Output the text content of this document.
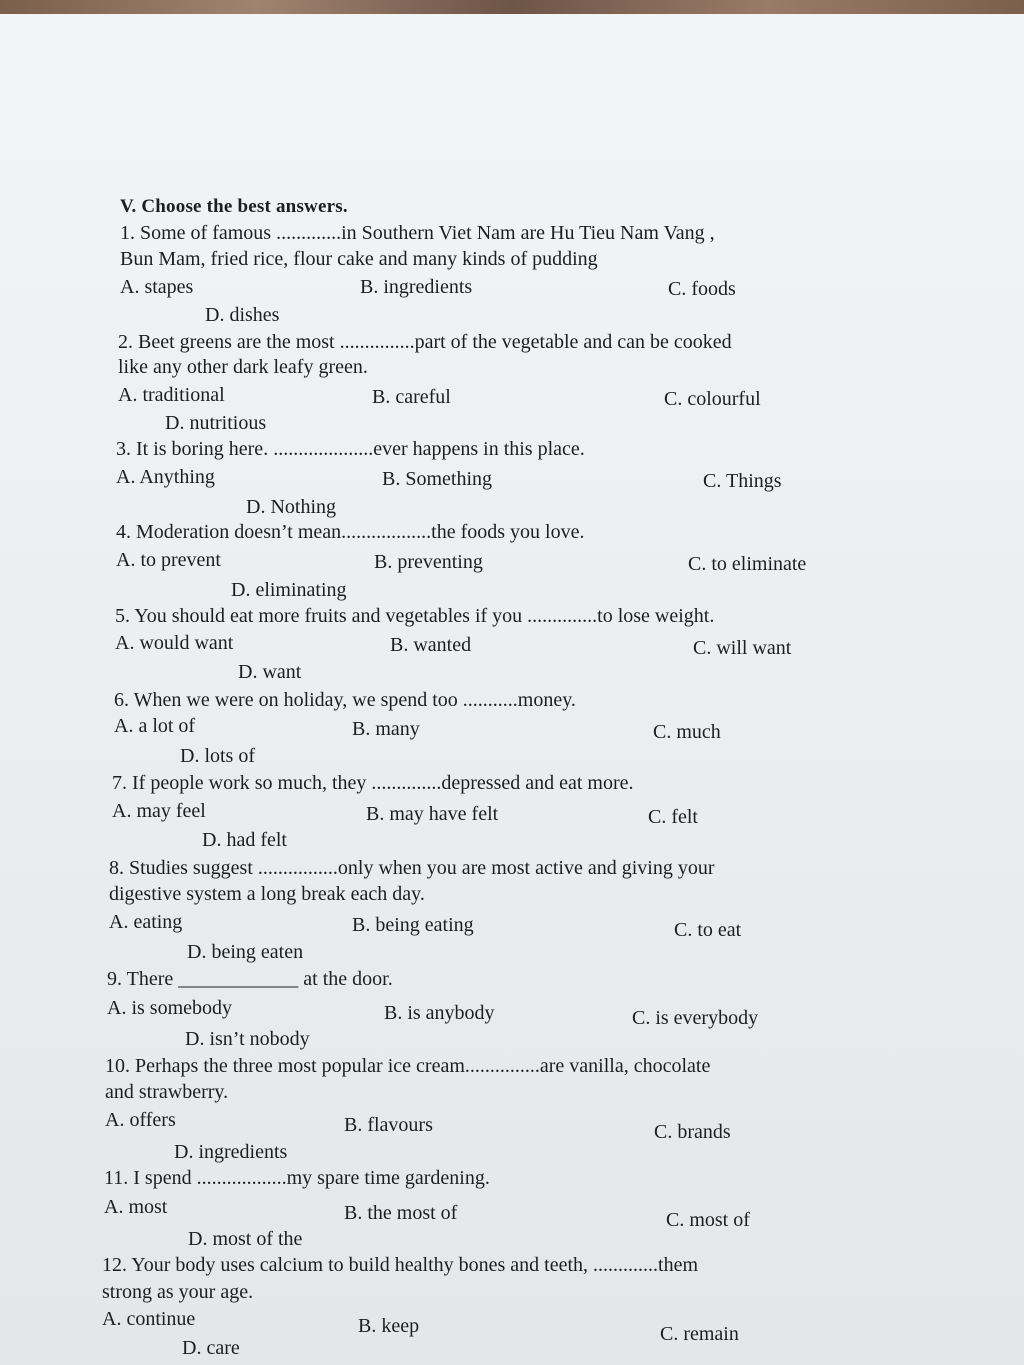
V. Choose the best answers.
1. Some of famous .............in Southern Viet Nam are Hu Tieu Nam Vang ,
Bun Mam, fried rice, flour cake and many kinds of pudding
A. stapes	B. ingredients	C. foods
D. dishes
2. Beet greens are the most ...............part of the vegetable and can be cooked
like any other dark leafy green.
A. traditional	B. careful	C. colourful
D. nutritious
3. It is boring here. ....................ever happens in this place.
A. Anything	B. Something	C. Things
D. Nothing
4. Moderation doesn’t mean..................the foods you love.
A. to prevent	B. preventing	C. to eliminate
D. eliminating
5. You should eat more fruits and vegetables if you ..............to lose weight.
A. would want	B. wanted	C. will want
D. want
6. When we were on holiday, we spend too ...........money.
A. a lot of	B. many	C. much
D. lots of
7. If people work so much, they ..............depressed and eat more.
A. may feel	B. may have felt	C. felt
D. had felt
8. Studies suggest ................only when you are most active and giving your
digestive system a long break each day.
A. eating	B. being eating	C. to eat
D. being eaten
9. There ____________ at the door.
A. is somebody	B. is anybody	C. is everybody
D. isn’t nobody
10. Perhaps the three most popular ice cream...............are vanilla, chocolate
and strawberry.
A. offers	B. flavours	C. brands
D. ingredients
11. I spend ..................my spare time gardening.
A. most	B. the most of	C. most of
D. most of the
12. Your body uses calcium to build healthy bones and teeth, .............them
strong as your age.
A. continue	B. keep	C. remain
D. care
